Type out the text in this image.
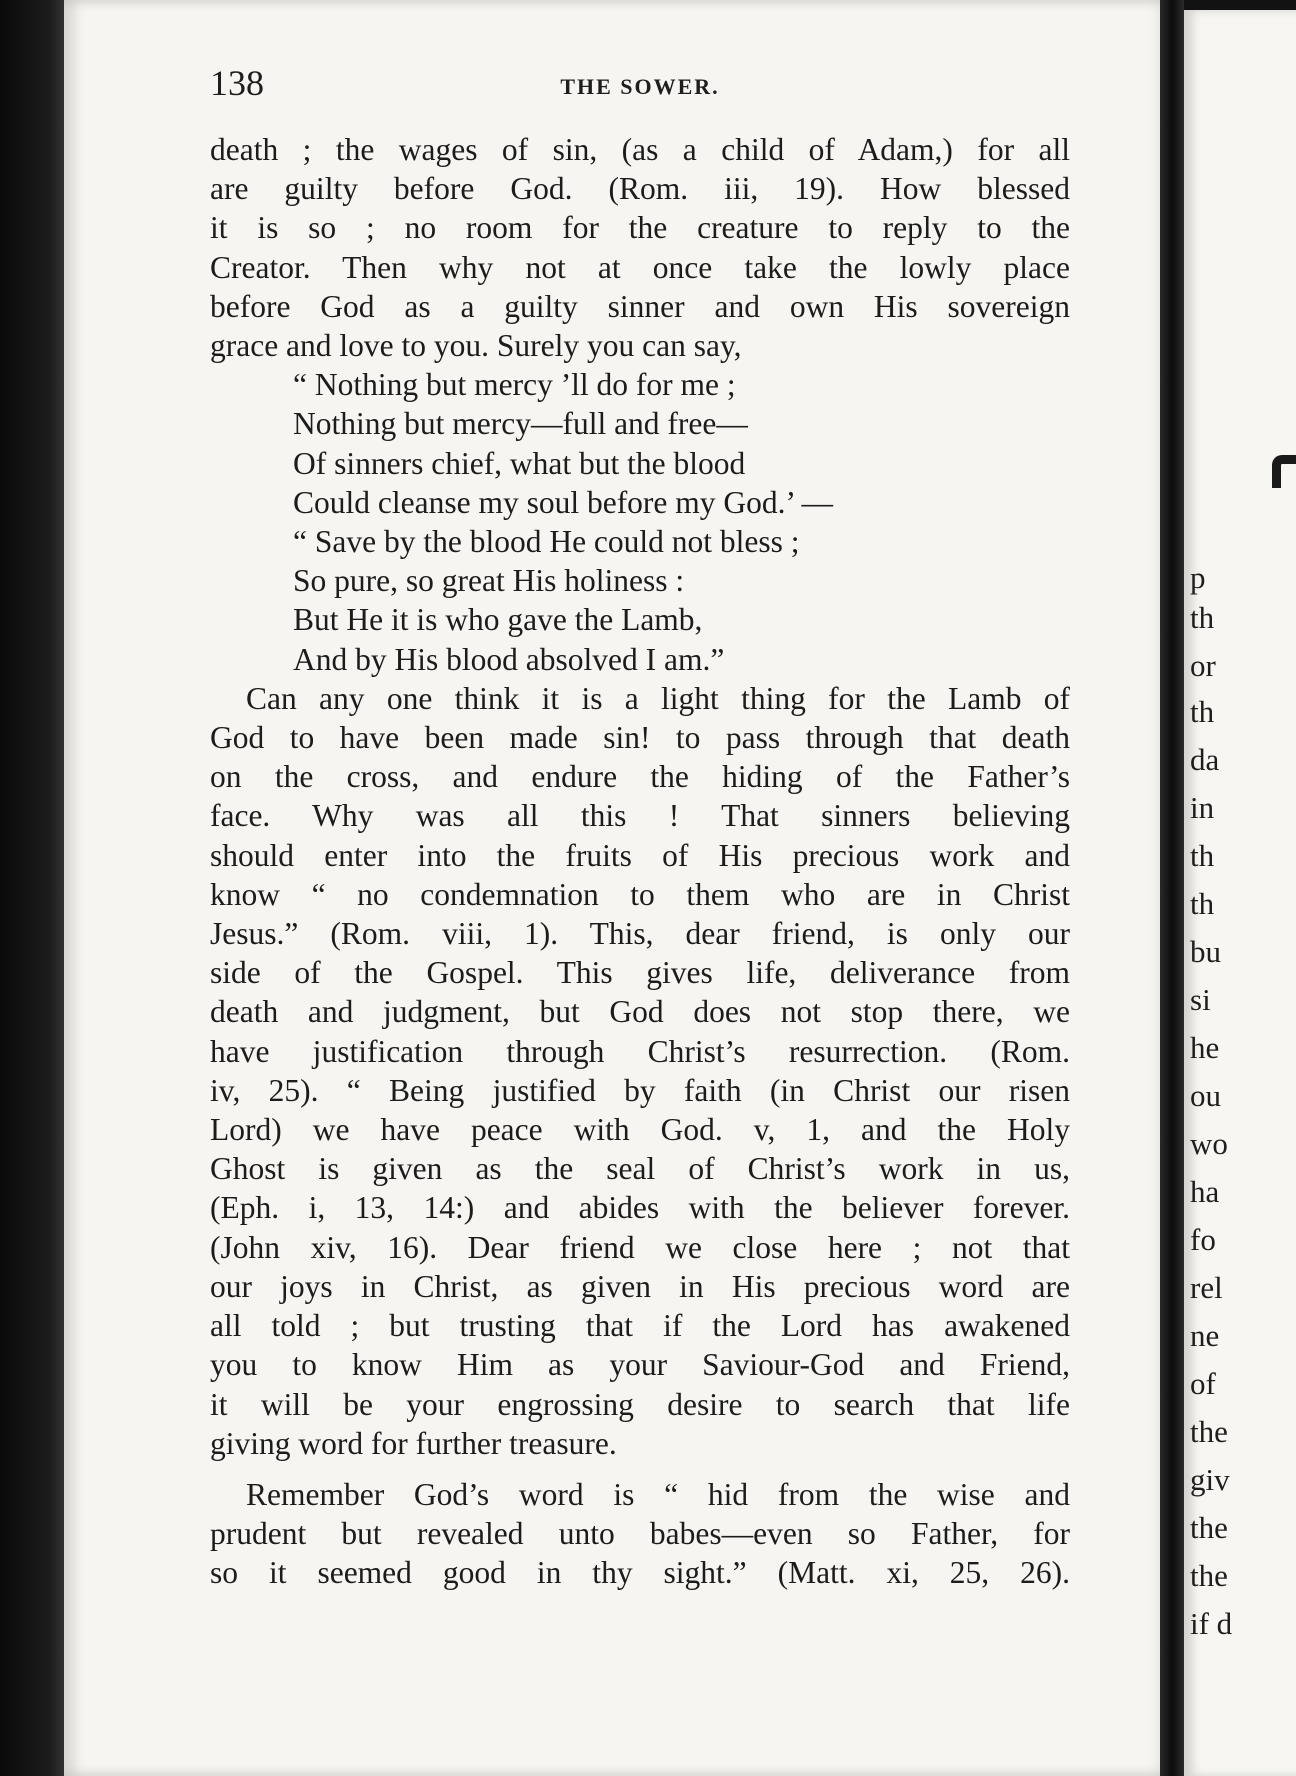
138	THE SOWER.
death ; the wages of sin, (as a child of Adam,) for all
are guilty before God. (Rom. iii, 19). How blessed
it is so ; no room for the creature to reply to the
Creator. Then why not at once take the lowly place
before God as a guilty sinner and own His sovereign
grace and love to you. Surely you can say,
“ Nothing but mercy ’ll do for me ;
Nothing but mercy—full and free—
Of sinners chief, what but the blood
Could cleanse my soul before my God.’ —
“ Save by the blood He could not bless ;
So pure, so great His holiness :
But He it is who gave the Lamb,
And by His blood absolved I am.”
Can any one think it is a light thing for the Lamb of
God to have been made sin! to pass through that death
on the cross, and endure the hiding of the Father’s
face. Why was all this ! That sinners believing
should enter into the fruits of His precious work and
know “ no condemnation to them who are in Christ
Jesus.” (Rom. viii, 1). This, dear friend, is only our
side of the Gospel. This gives life, deliverance from
death and judgment, but God does not stop there, we
have justification through Christ’s resurrection. (Rom.
iv, 25). “ Being justified by faith (in Christ our risen
Lord) we have peace with God. v, 1, and the Holy
Ghost is given as the seal of Christ’s work in us,
(Eph. i, 13, 14:) and abides with the believer forever.
(John xiv, 16). Dear friend we close here ; not that
our joys in Christ, as given in His precious word are
all told ; but trusting that if the Lord has awakened
you to know Him as your Saviour-God and Friend,
it will be your engrossing desire to search that life
giving word for further treasure.
Remember God’s word is “ hid from the wise and
prudent but revealed unto babes—even so Father, for
so it seemed good in thy sight.” (Matt. xi, 25, 26).
p
th
or
th
da
in
th
th
bu
si
he
ou
wo
ha
fo
rel
ne
of
the
giv
the
the
if d
